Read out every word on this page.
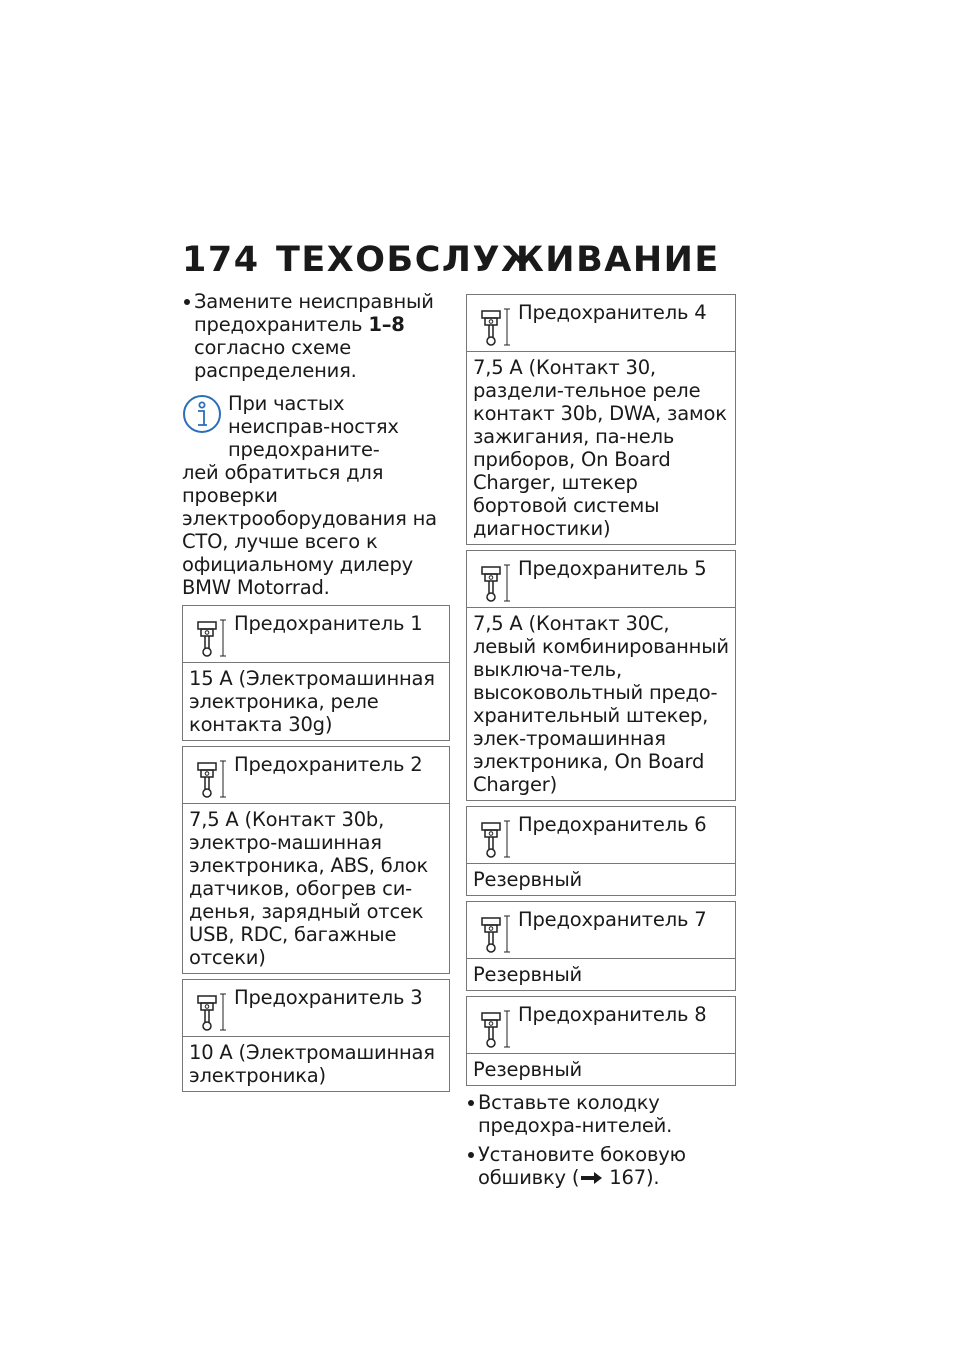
174 ТЕХОБСЛУЖИВАНИЕ
Замените неисправный предохранитель 1–8 согласно схеме распределения.
При частых неисправ-ностях предохраните-
лей обратиться для проверки электрооборудования на СТО, лучше всего к официальному дилеру BMW Motorrad.
Предохранитель 1
15 A (Электромашинная электроника, реле контакта 30g)
Предохранитель 2
7,5 A (Контакт 30b, электро-машинная электроника, ABS, блок датчиков, обогрев си-денья, зарядный отсек USB, RDC, багажные отсеки)
Предохранитель 3
10 A (Электромашинная электроника)
Предохранитель 4
7,5 A (Контакт 30, раздели-тельное реле контакт 30b, DWA, замок зажигания, па-нель приборов, On Board Charger, штекер бортовой системы диагностики)
Предохранитель 5
7,5 A (Контакт 30C, левый комбинированный выключа-тель, высоковольтный предо-хранительный штекер, элек-тромашинная электроника, On Board Charger)
Предохранитель 6
Резервный
Предохранитель 7
Резервный
Предохранитель 8
Резервный
Вставьте колодку предохра-нителей.
Установите боковую обшивку ( 167).
